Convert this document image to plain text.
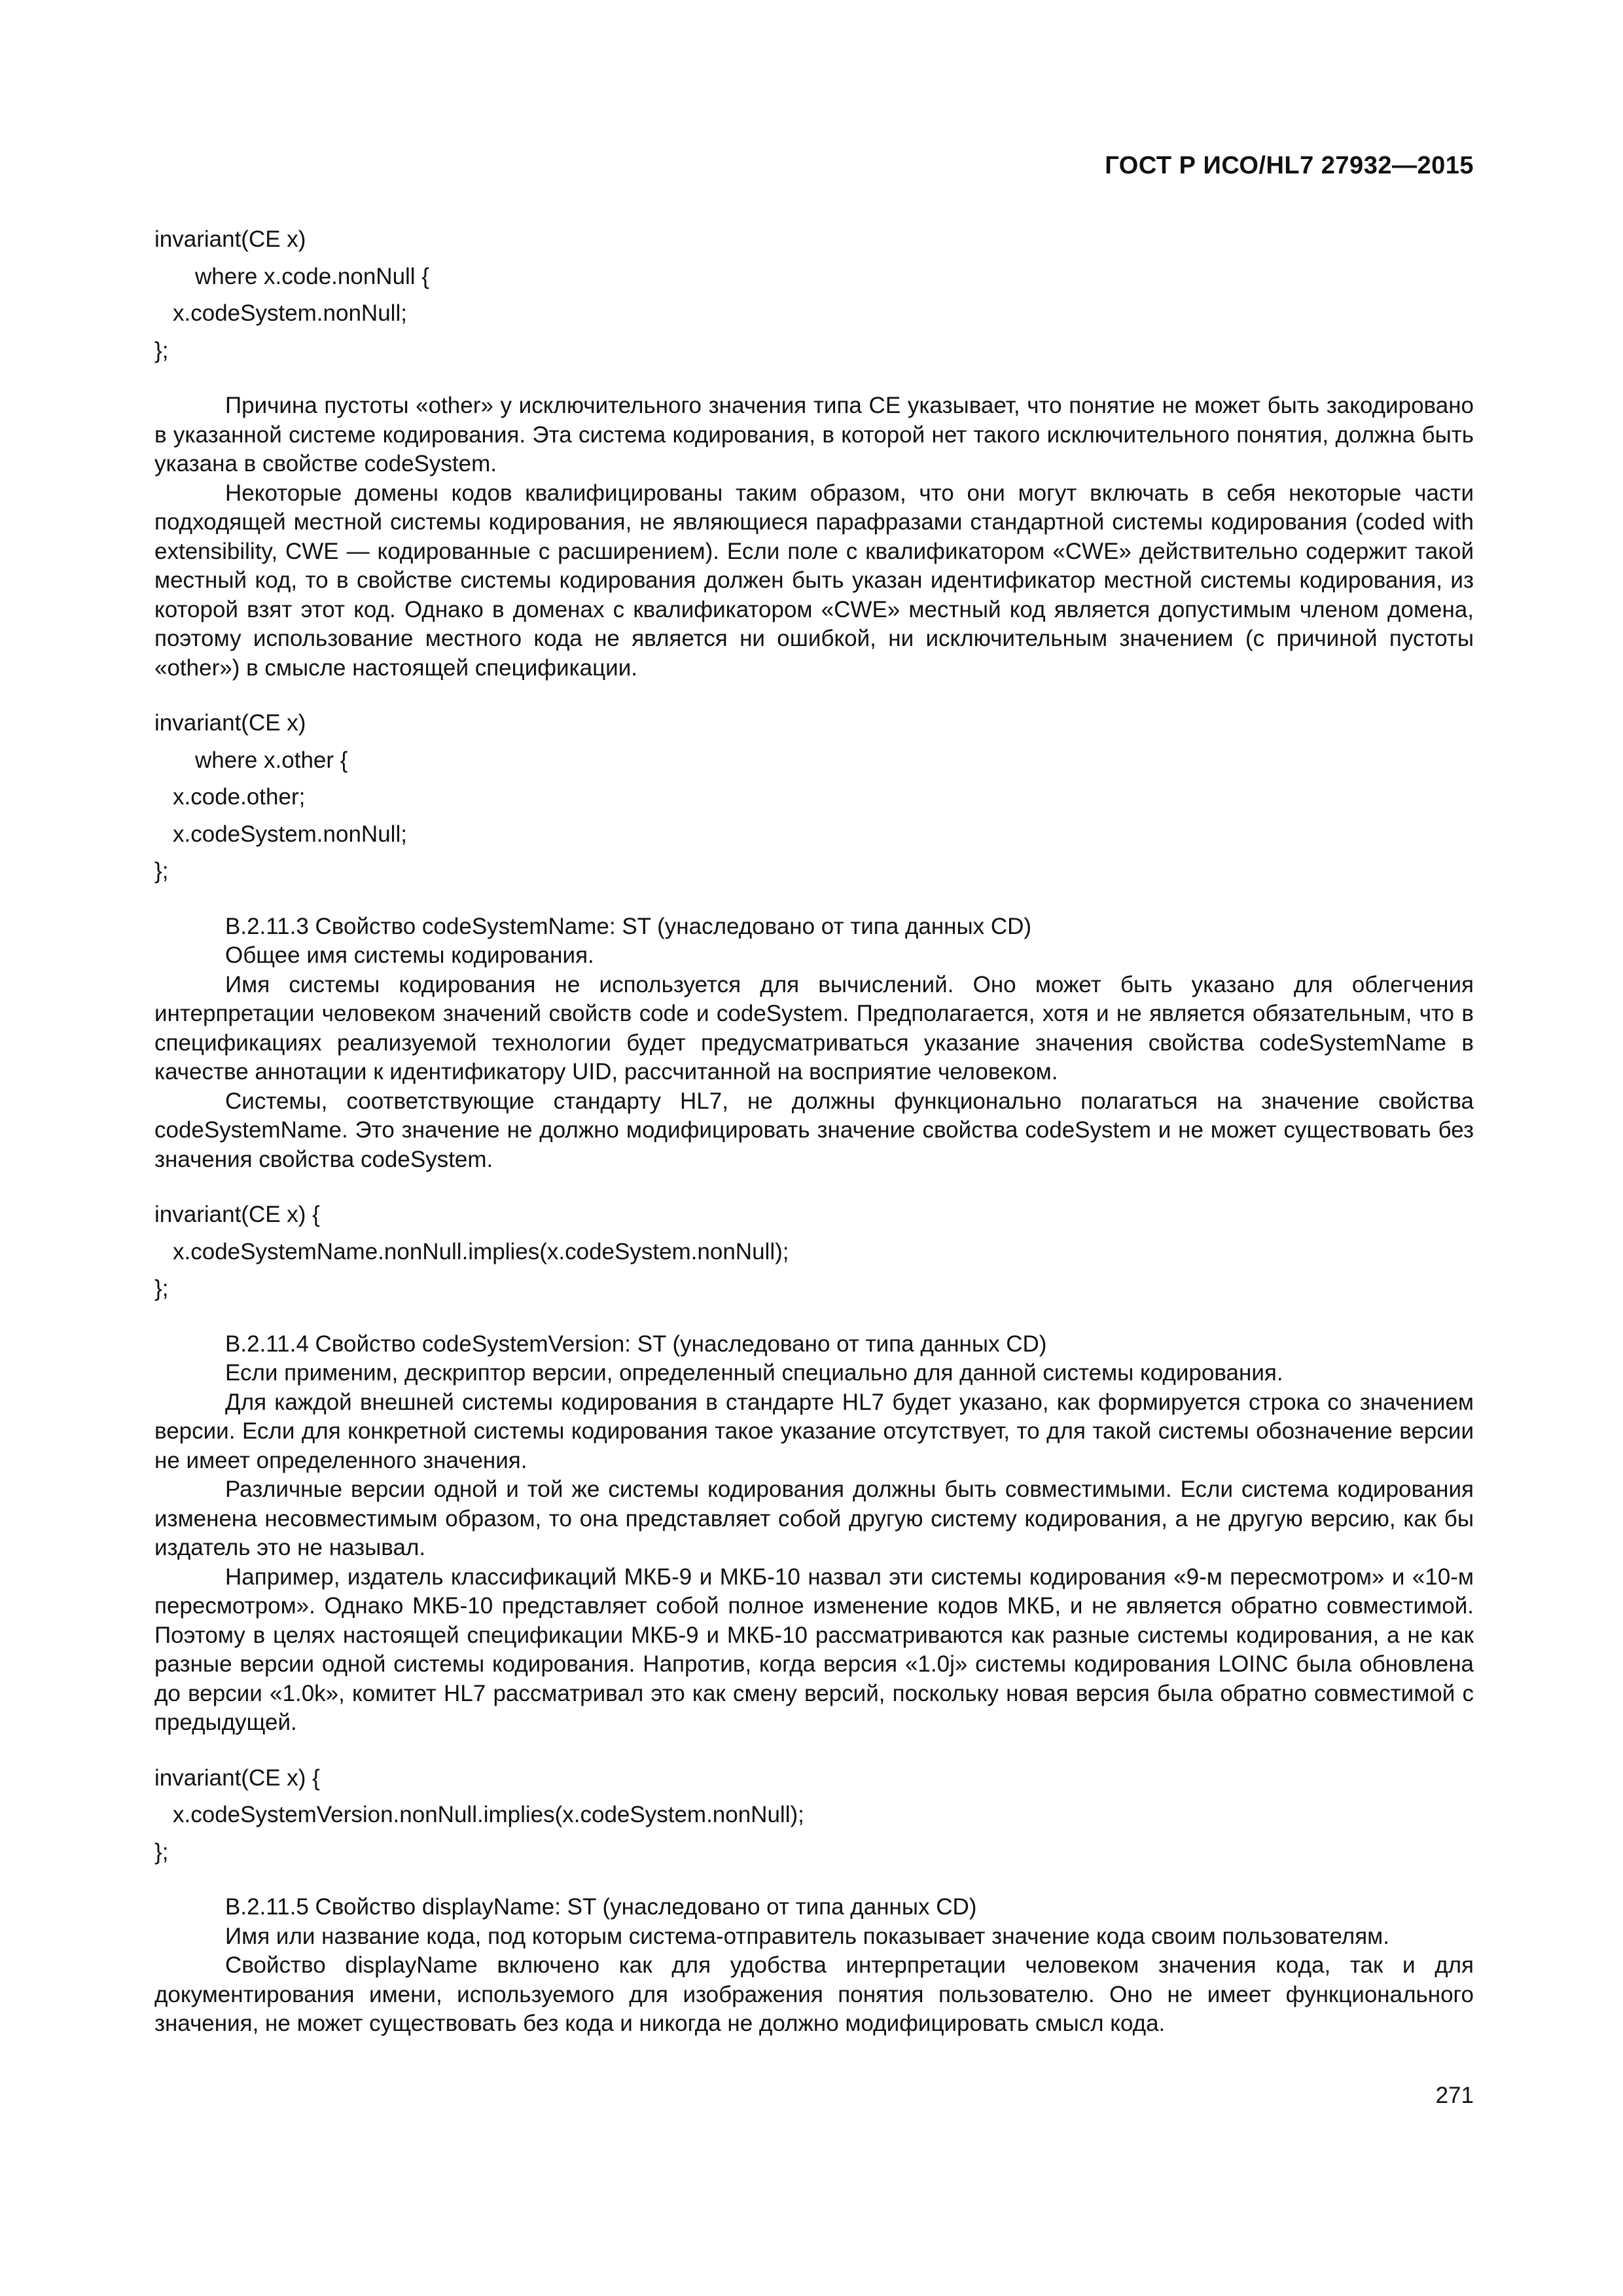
ГОСТ Р ИСО/HL7 27932—2015
invariant(CE x)
where x.code.nonNull {
x.codeSystem.nonNull;
};

Причина пустоты «other» у исключительного значения типа CE указывает, что понятие не может быть закодировано в указанной системе кодирования. Эта система кодирования, в которой нет такого исключительного понятия, должна быть указана в свойстве codeSystem.

Некоторые домены кодов квалифицированы таким образом, что они могут включать в себя некоторые части подходящей местной системы кодирования, не являющиеся парафразами стандартной системы кодирования (coded with extensibility, CWE — кодированные с расширением). Если поле с квалификатором «CWE» действительно содержит такой местный код, то в свойстве системы кодирования должен быть указан идентификатор местной системы кодирования, из которой взят этот код. Однако в доменах с квалификатором «CWE» местный код является допустимым членом домена, поэтому использование местного кода не является ни ошибкой, ни исключительным значением (с причиной пустоты «other») в смысле настоящей спецификации.

invariant(CE x)
where x.other {
x.code.other;
x.codeSystem.nonNull;
};

B.2.11.3 Свойство codeSystemName: ST (унаследовано от типа данных CD)

Общее имя системы кодирования.

Имя системы кодирования не используется для вычислений. Оно может быть указано для облегчения интерпретации человеком значений свойств code и codeSystem. Предполагается, хотя и не является обязательным, что в спецификациях реализуемой технологии будет предусматриваться указание значения свойства codeSystemName в качестве аннотации к идентификатору UID, рассчитанной на восприятие человеком.

Системы, соответствующие стандарту HL7, не должны функционально полагаться на значение свойства codeSystemName. Это значение не должно модифицировать значение свойства codeSystem и не может существовать без значения свойства codeSystem.

invariant(CE x) {
x.codeSystemName.nonNull.implies(x.codeSystem.nonNull);
};

B.2.11.4 Свойство codeSystemVersion: ST (унаследовано от типа данных CD)

Если применим, дескриптор версии, определенный специально для данной системы кодирования.

Для каждой внешней системы кодирования в стандарте HL7 будет указано, как формируется строка со значением версии. Если для конкретной системы кодирования такое указание отсутствует, то для такой системы обозначение версии не имеет определенного значения.

Различные версии одной и той же системы кодирования должны быть совместимыми. Если система кодирования изменена несовместимым образом, то она представляет собой другую систему кодирования, а не другую версию, как бы издатель это не называл.

Например, издатель классификаций МКБ-9 и МКБ-10 назвал эти системы кодирования «9-м пересмотром» и «10-м пересмотром». Однако МКБ-10 представляет собой полное изменение кодов МКБ, и не является обратно совместимой. Поэтому в целях настоящей спецификации МКБ-9 и МКБ-10 рассматриваются как разные системы кодирования, а не как разные версии одной системы кодирования. Напротив, когда версия «1.0j» системы кодирования LOINC была обновлена до версии «1.0k», комитет HL7 рассматривал это как смену версий, поскольку новая версия была обратно совместимой с предыдущей.

invariant(CE x) {
x.codeSystemVersion.nonNull.implies(x.codeSystem.nonNull);
};

B.2.11.5 Свойство displayName: ST (унаследовано от типа данных CD)

Имя или название кода, под которым система-отправитель показывает значение кода своим пользователям.

Свойство displayName включено как для удобства интерпретации человеком значения кода, так и для документирования имени, используемого для изображения понятия пользователю. Оно не имеет функционального значения, не может существовать без кода и никогда не должно модифицировать смысл кода.

271
